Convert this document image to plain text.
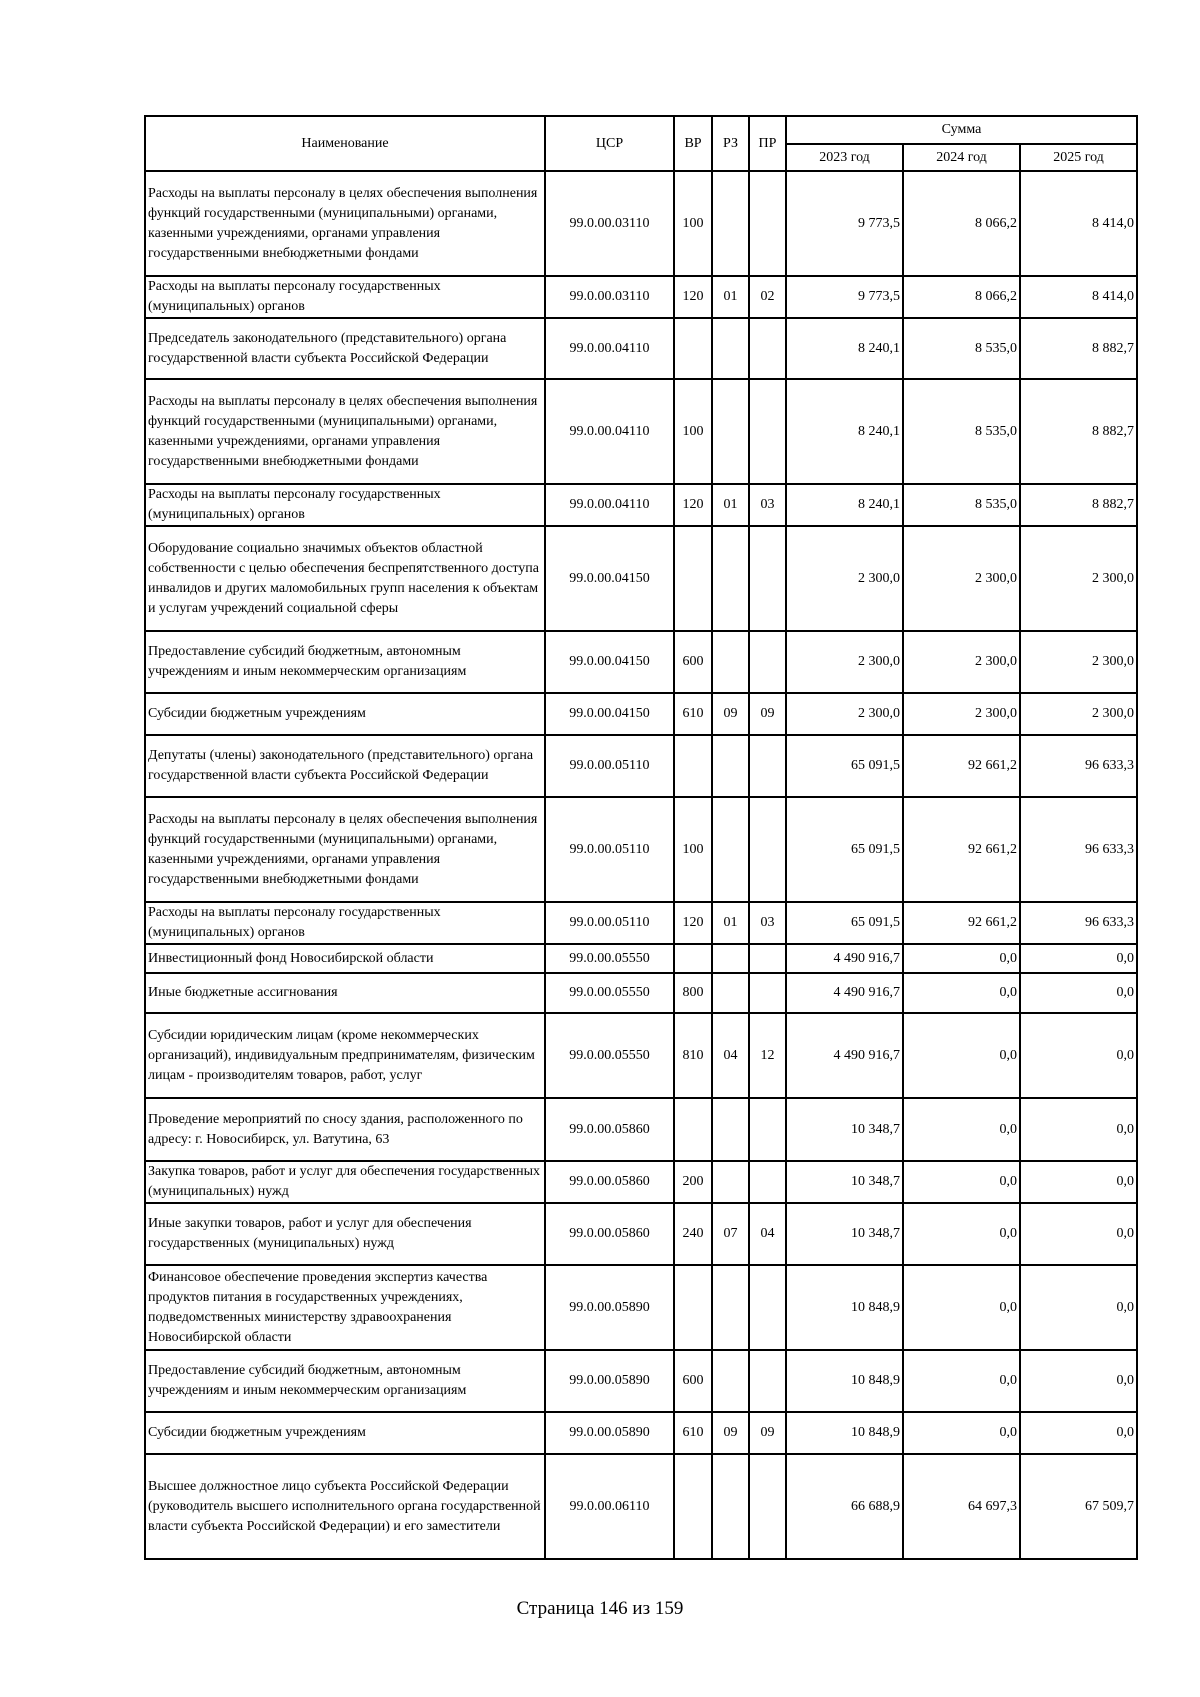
Наименование	ЦСР	ВР	РЗ	ПР	Сумма		
					2023 год	2024 год	2025 год
Расходы на выплаты персоналу в целях обеспечения выполнения функций государственными (муниципальными) органами, казенными учреждениями, органами управления государственными внебюджетными фондами	99.0.00.03110	100			9 773,5	8 066,2	8 414,0
Расходы на выплаты персоналу государственных (муниципальных) органов	99.0.00.03110	120	01	02	9 773,5	8 066,2	8 414,0
Председатель законодательного (представительного) органа государственной власти субъекта Российской Федерации	99.0.00.04110				8 240,1	8 535,0	8 882,7
Расходы на выплаты персоналу в целях обеспечения выполнения функций государственными (муниципальными) органами, казенными учреждениями, органами управления государственными внебюджетными фондами	99.0.00.04110	100			8 240,1	8 535,0	8 882,7
Расходы на выплаты персоналу государственных (муниципальных) органов	99.0.00.04110	120	01	03	8 240,1	8 535,0	8 882,7
Оборудование социально значимых объектов областной собственности с целью обеспечения беспрепятственного доступа инвалидов и других маломобильных групп населения к объектам и услугам учреждений социальной сферы	99.0.00.04150				2 300,0	2 300,0	2 300,0
Предоставление субсидий бюджетным, автономным учреждениям и иным некоммерческим организациям	99.0.00.04150	600			2 300,0	2 300,0	2 300,0
Субсидии бюджетным учреждениям	99.0.00.04150	610	09	09	2 300,0	2 300,0	2 300,0
Депутаты (члены) законодательного (представительного) органа государственной власти субъекта Российской Федерации	99.0.00.05110				65 091,5	92 661,2	96 633,3
Расходы на выплаты персоналу в целях обеспечения выполнения функций государственными (муниципальными) органами, казенными учреждениями, органами управления государственными внебюджетными фондами	99.0.00.05110	100			65 091,5	92 661,2	96 633,3
Расходы на выплаты персоналу государственных (муниципальных) органов	99.0.00.05110	120	01	03	65 091,5	92 661,2	96 633,3
Инвестиционный фонд Новосибирской области	99.0.00.05550				4 490 916,7	0,0	0,0
Иные бюджетные ассигнования	99.0.00.05550	800			4 490 916,7	0,0	0,0
Субсидии юридическим лицам (кроме некоммерческих организаций), индивидуальным предпринимателям, физическим лицам - производителям товаров, работ, услуг	99.0.00.05550	810	04	12	4 490 916,7	0,0	0,0
Проведение мероприятий по сносу здания, расположенного по адресу: г. Новосибирск, ул. Ватутина, 63	99.0.00.05860				10 348,7	0,0	0,0
Закупка товаров, работ и услуг для обеспечения государственных (муниципальных) нужд	99.0.00.05860	200			10 348,7	0,0	0,0
Иные закупки товаров, работ и услуг для обеспечения государственных (муниципальных) нужд	99.0.00.05860	240	07	04	10 348,7	0,0	0,0
Финансовое обеспечение проведения экспертиз качества продуктов питания в государственных учреждениях, подведомственных министерству здравоохранения Новосибирской области	99.0.00.05890				10 848,9	0,0	0,0
Предоставление субсидий бюджетным, автономным учреждениям и иным некоммерческим организациям	99.0.00.05890	600			10 848,9	0,0	0,0
Субсидии бюджетным учреждениям	99.0.00.05890	610	09	09	10 848,9	0,0	0,0
Высшее должностное лицо субъекта Российской Федерации (руководитель высшего исполнительного органа государственной власти субъекта Российской Федерации) и его заместители	99.0.00.06110				66 688,9	64 697,3	67 509,7
Страница 146 из 159
